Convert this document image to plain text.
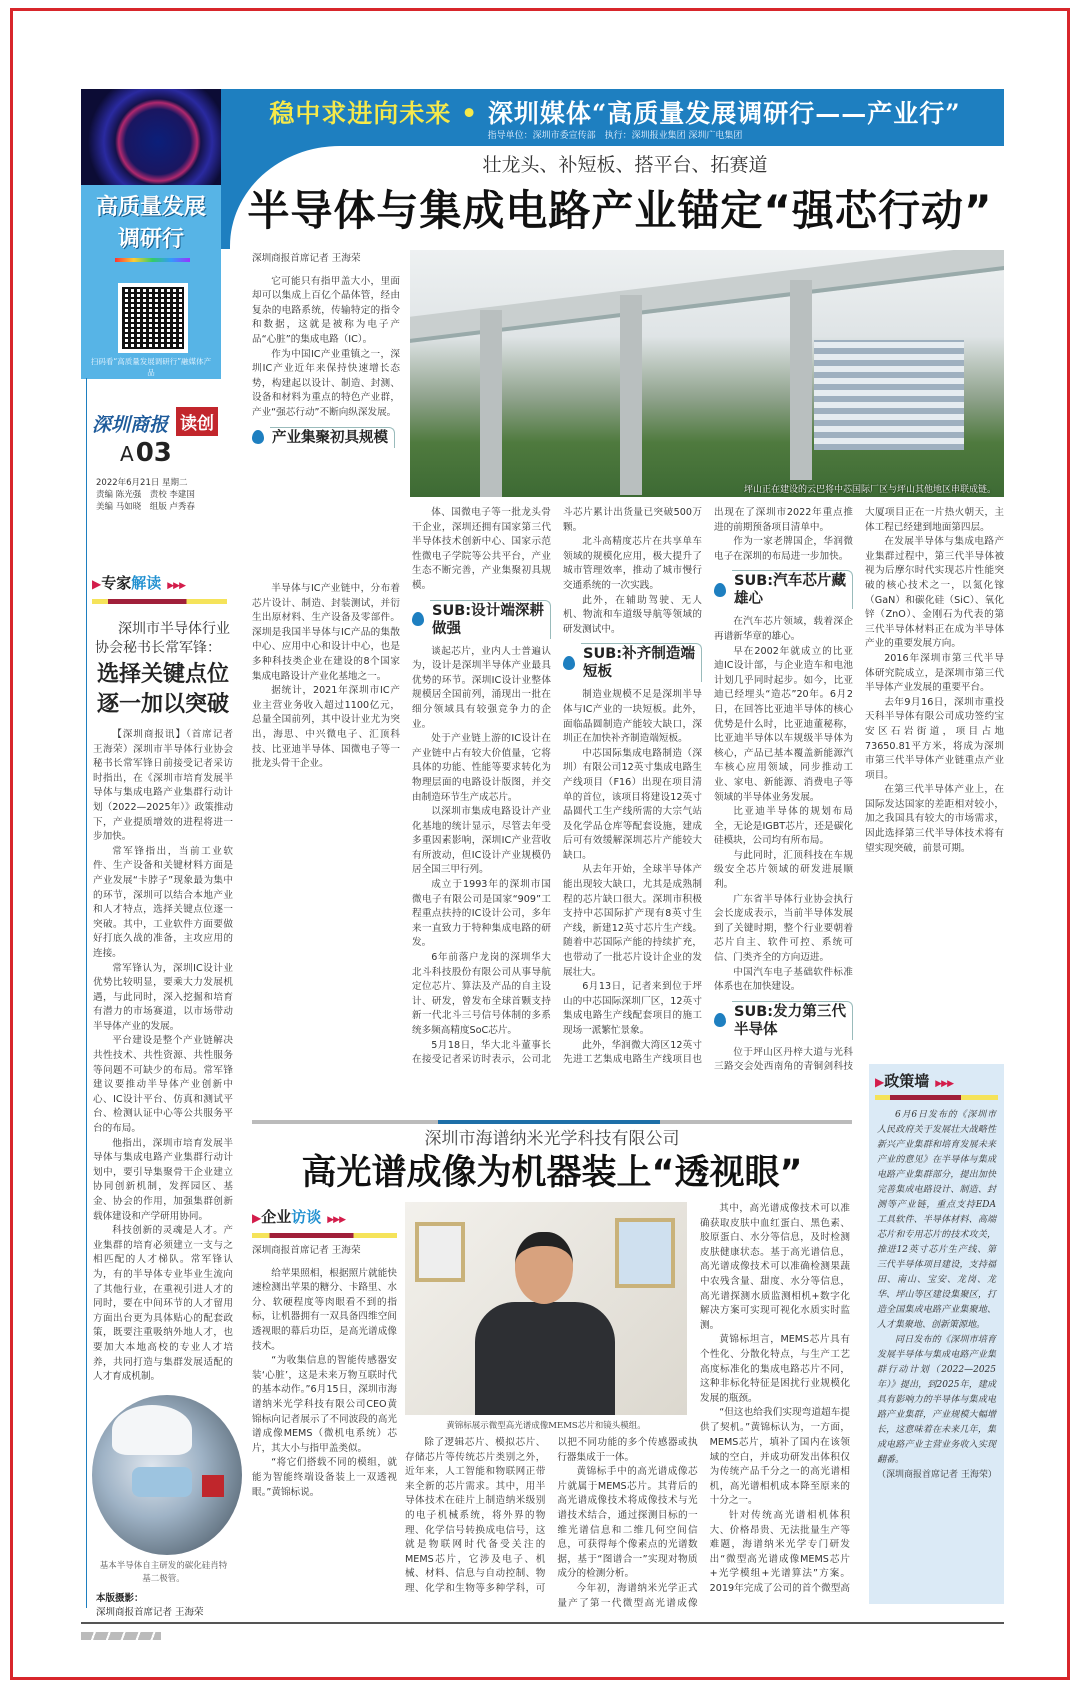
稳中求进向未来 • 深圳媒体“高质量发展调研行——产业行”
指导单位：深圳市委宣传部　执行：深圳报业集团 深圳广电集团
壮龙头、补短板、搭平台、拓赛道
半导体与集成电路产业锚定“强芯行动”
高质量发展
调研行
扫码看“高质量发展调研行”融媒体产品
深圳商报 读创
A03
2022年6月21日 星期二
责编 陈光强　责校 李建国
美编 马如晓　组版 卢秀春
▶专家解读 ▶▶▶
深圳市半导体行业
协会秘书长常军锋：
选择关键点位
逐一加以突破

【深圳商报讯】（首席记者 王海荣）深圳市半导体行业协会秘书长常军锋日前接受记者采访时指出，在《深圳市培育发展半导体与集成电路产业集群行动计划（2022—2025年）》政策推动下，产业提质增效的进程将进一步加快。

常军锋指出，当前工业软件、生产设备和关键材料方面是产业发展“卡脖子”现象最为集中的环节，深圳可以结合本地产业和人才特点，选择关键点位逐一突破。其中，工业软件方面要做好打底久战的准备，主攻应用的连接。

常军锋认为，深圳IC设计业优势比较明显，要乘大力发展机遇，与此同时，深入挖掘和培育有潜力的市场赛道，以市场带动半导体产业的发展。

平台建设是整个产业链解决共性技术、共性资源、共性服务等问题不可缺少的布局。常军锋建议要推动半导体产业创新中心、IC设计平台、仿真和测试平台、检测认证中心等公共服务平台的布局。

他指出，深圳市培育发展半导体与集成电路产业集群行动计划中，要引导集聚骨干企业建立协同创新机制，发挥园区、基金、协会的作用，加强集群创新载体建设和产学研用协同。

科技创新的灵魂是人才。产业集群的培育必须建立一支与之相匹配的人才梯队。常军锋认为，有的半导体专业毕业生流向了其他行业，在重视引进人才的同时，要在中间环节的人才留用方面出台更为具体贴心的配套政策，既要注重吸纳外地人才，也要加大本地高校的专业人才培养，共同打造与集群发展适配的人才育成机制。

基本半导体自主研发的碳化硅肖特基二极管。
本版摄影：
深圳商报首席记者 王海荣

深圳商报首席记者 王海荣

它可能只有指甲盖大小，里面却可以集成上百亿个晶体管，经由复杂的电路系统，传输特定的指令和数据，这就是被称为电子产品“心脏”的集成电路（IC）。

作为中国IC产业重镇之一，深圳IC产业近年来保持快速增长态势，构建起以设计、制造、封测、设备和材料为重点的特色产业群，产业“强芯行动”不断向纵深发展。

产业集聚初具规模
坪山正在建设的云巴将中芯国际厂区与坪山其他地区串联成链。

半导体与IC产业链中，分布着芯片设计、制造、封装测试，并衍生出原材料、生产设备及零部件。深圳是我国半导体与IC产品的集散中心、应用中心和设计中心，也是多种科技类企业在建设的8个国家集成电路设计产业化基地之一。

据统计，2021年深圳市IC产业主营业务收入超过1100亿元，总量全国前列，其中设计业尤为突出，海思、中兴微电子、汇顶科技、比亚迪半导体、国微电子等一批龙头骨干企业。

体、国微电子等一批龙头骨干企业，深圳还拥有国家第三代半导体技术创新中心、国家示范性微电子学院等公共平台，产业生态不断完善，产业集聚初具规模。

SUB:设计端深耕做强

谈起芯片，业内人士普遍认为，设计是深圳半导体产业最具优势的环节。深圳IC设计业整体规模居全国前列，涌现出一批在细分领域具有较强竞争力的企业。

处于产业链上游的IC设计在产业链中占有较大价值量，它将具体的功能、性能等要求转化为物理层面的电路设计版图，并交由制造环节生产成芯片。

以深圳市集成电路设计产业化基地的统计显示，尽管去年受多重因素影响，深圳IC产业营收有所波动，但IC设计产业规模仍居全国三甲行列。

成立于1993年的深圳市国微电子有限公司是国家“909”工程重点扶持的IC设计公司，多年来一直致力于特种集成电路的研发。

6年前落户龙岗的深圳华大北斗科技股份有限公司从事导航定位芯片、算法及产品的自主设计、研发，曾发布全球首颗支持新一代北斗三号信号体制的多系统多频高精度SoC芯片。

5月18日，华大北斗董事长在接受记者采访时表示，公司北斗芯片累计出货量已突破500万颗。

北斗高精度芯片在共享单车领域的规模化应用，极大提升了城市管理效率，推动了城市慢行交通系统的一次实践。

此外，在辅助驾驶、无人机、物流和车道级导航等领域的研发测试中。

SUB:补齐制造端短板

制造业规模不足是深圳半导体与IC产业的一块短板。此外，面临晶圆制造产能较大缺口，深圳正在加快补齐制造端短板。

中芯国际集成电路制造（深圳）有限公司12英寸集成电路生产线项目（F16）出现在项目清单的首位，该项目将建设12英寸晶圆代工生产线所需的大宗气站及化学品仓库等配套设施，建成后可有效缓解深圳芯片产能较大缺口。

从去年开始，全球半导体产能出现较大缺口，尤其是成熟制程的芯片缺口很大。深圳市积极支持中芯国际扩产现有8英寸生产线，新建12英寸芯片生产线。随着中芯国际产能的持续扩充，也带动了一批芯片设计企业的发展壮大。

6月13日，记者来到位于坪山的中芯国际深圳厂区，12英寸集成电路生产线配套项目的施工现场一派繁忙景象。

此外，华润微大湾区12英寸先进工艺集成电路生产线项目也出现在了深圳市2022年重点推进的前期预备项目清单中。

作为一家老牌国企，华润微电子在深圳的布局进一步加快。

SUB:汽车芯片藏雄心

在汽车芯片领域，载着深企再谱新华章的雄心。

早在2002年就成立的比亚迪IC设计部，与企业造车和电池计划几乎同时起步。如今，比亚迪已经埋头“造芯”20年。6月2日，在回答比亚迪半导体的核心优势是什么时，比亚迪董秘称，比亚迪半导体以车规级半导体为核心，产品已基本覆盖新能源汽车核心应用领域，同步推动工业、家电、新能源、消费电子等领域的半导体业务发展。

比亚迪半导体的规划布局全，无论是IGBT芯片，还是碳化硅模块，公司均有所布局。

与此同时，汇顶科技在车规级安全芯片领域的研发进展顺利。

广东省半导体行业协会执行会长庞成表示，当前半导体发展到了关键时期，整个行业要朝着芯片自主、软件可控、系统可信、门类齐全的方向迈进。

中国汽车电子基础软件标准体系也在加快建设。

SUB:发力第三代半导体

位于坪山区丹梓大道与光科三路交会处西南角的青铜剑科技大厦项目正在一片热火朝天，主体工程已经建到地面第四层。

在发展半导体与集成电路产业集群过程中，第三代半导体被视为后摩尔时代实现芯片性能突破的核心技术之一，以氮化镓（GaN）和碳化硅（SiC）、氧化锌（ZnO）、金刚石为代表的第三代半导体材料正在成为半导体产业的重要发展方向。

2016年深圳市第三代半导体研究院成立，是深圳市第三代半导体产业发展的重要平台。

去年9月16日，深圳市重投天科半导体有限公司成功签约宝安区石岩街道，项目占地73650.81平方米，将成为深圳市第三代半导体产业链重点产业项目。

在第三代半导体产业上，在国际发达国家的差距相对较小，加之我国具有较大的市场需求，因此选择第三代半导体技术将有望实现突破，前景可期。

深圳市海谱纳米光学科技有限公司
高光谱成像为机器装上“透视眼”
▶企业访谈 ▶▶▶
黄锦标展示微型高光谱成像MEMS芯片和镜头模组。

深圳商报首席记者 王海荣

给苹果照相，根据照片就能快速检测出苹果的糖分、卡路里、水分、软硬程度等肉眼看不到的指标，让机器拥有一双具备四维空间透视眼的幕后功臣，是高光谱成像技术。

“为收集信息的智能传感器安装‘心脏’，这是未来万物互联时代的基本动作。”6月15日，深圳市海谱纳米光学科技有限公司CEO黄锦标向记者展示了不同波段的高光谱成像MEMS（微机电系统）芯片，其大小与指甲盖类似。

“将它们搭载不同的模组，就能为智能终端设备装上一双透视眼。”黄锦标说。

除了逻辑芯片、模拟芯片、存储芯片等传统芯片类别之外，近年来，人工智能和物联网正带来全新的芯片需求。其中，用半导体技术在硅片上制造纳米级别的电子机械系统，将外界的物理、化学信号转换成电信号，这就是物联网时代备受关注的MEMS芯片，它涉及电子、机械、材料、信息与自动控制、物理、化学和生物等多种学科，可以把不同功能的多个传感器或执行器集成于一体。

黄锦标手中的高光谱成像芯片就属于MEMS芯片。其背后的高光谱成像技术将成像技术与光谱技术结合，通过探测目标的一维光谱信息和二维几何空间信息，可获得每个像素点的光谱数据，基于“图谱合一”实现对物质成分的检测分析。

今年初，海谱纳米光学正式量产了第一代微型高光谱成像MEMS芯片，填补了国内在该领域的空白，并成功研发出体积仅为传统产品千分之一的高光谱相机，高光谱相机成本降至原来的十分之一。

针对传统高光谱相机体积大、价格昂贵、无法批量生产等难题，海谱纳米光学专门研发出“微型高光谱成像MEMS芯片+光学模组+光谱算法”方案。2019年完成了公司的首个微型高

其中，高光谱成像技术可以准确获取皮肤中血红蛋白、黑色素、胶原蛋白、水分等信息，及时检测皮肤健康状态。基于高光谱信息，高光谱成像技术可以准确检测果蔬中农残含量、甜度、水分等信息，高光谱探测水质监测相机+数字化解决方案可实现可视化水质实时监测。

黄锦标坦言，MEMS芯片具有个性化、分散化特点，与生产工艺高度标准化的集成电路芯片不同，这种非标化特征是困扰行业规模化发展的瓶颈。

“但这也给我们实现弯道超车提供了契机。”黄锦标认为，一方面，

▶政策墙 ▶▶▶

6月6日发布的《深圳市人民政府关于发展壮大战略性新兴产业集群和培育发展未来产业的意见》在半导体与集成电路产业集群部分，提出加快完善集成电路设计、制造、封测等产业链，重点支持EDA工具软件、半导体材料、高端芯片和专用芯片的技术攻关，推进12英寸芯片生产线、第三代半导体项目建设，支持福田、南山、宝安、龙岗、龙华、坪山等区建设集聚区，打造全国集成电路产业集聚地、人才集聚地、创新策源地。

同日发布的《深圳市培育发展半导体与集成电路产业集群行动计划（2022—2025年）》提出，到2025年，建成具有影响力的半导体与集成电路产业集群，产业规模大幅增长，这意味着在未来几年，集成电路产业主营业务收入实现翻番。

（深圳商报首席记者 王海荣）
